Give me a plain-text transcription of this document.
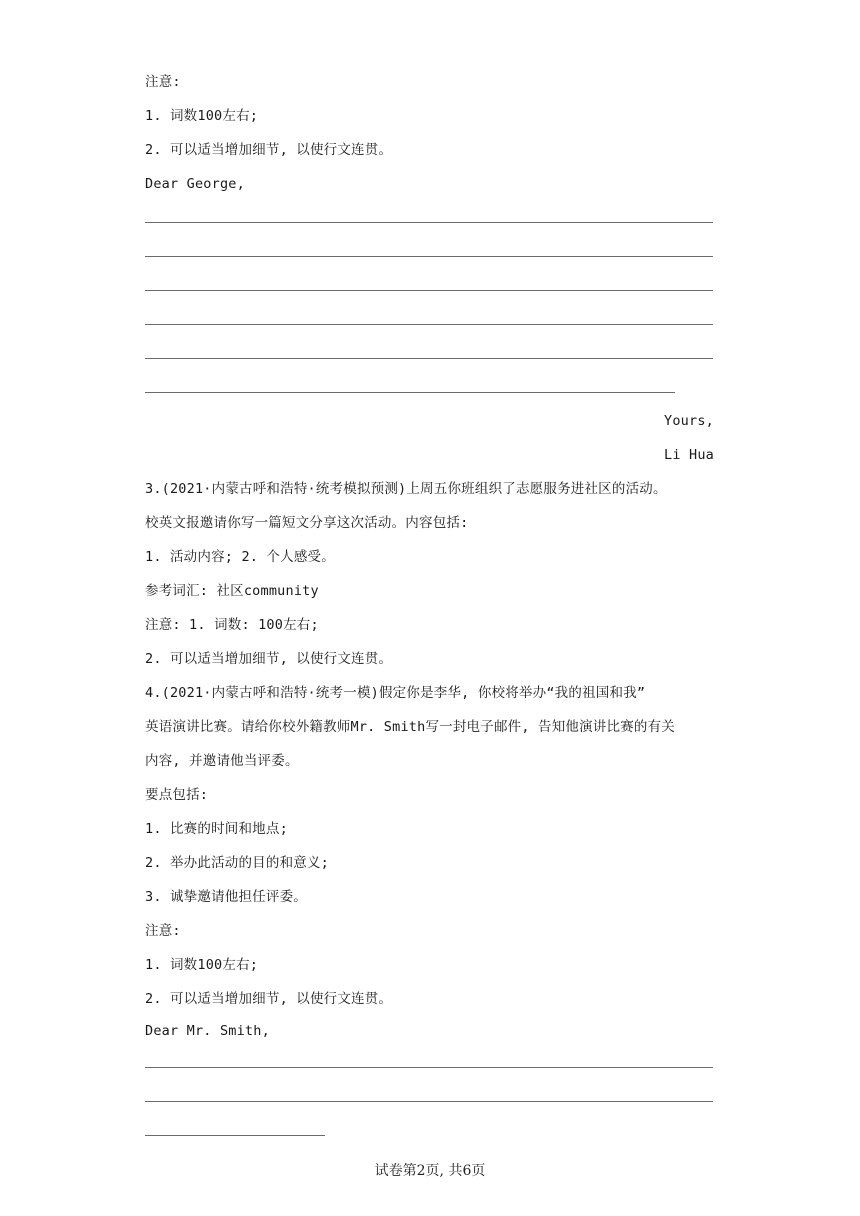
注意:
1. 词数100左右;
2. 可以适当增加细节, 以使行文连贯。
Dear George,
Yours,
Li Hua
3.(2021·内蒙古呼和浩特·统考模拟预测)上周五你班组织了志愿服务进社区的活动。
校英文报邀请你写一篇短文分享这次活动。内容包括:
1. 活动内容; 2. 个人感受。
参考词汇: 社区community
注意: 1. 词数: 100左右;
2. 可以适当增加细节, 以使行文连贯。
4.(2021·内蒙古呼和浩特·统考一模)假定你是李华, 你校将举办“我的祖国和我”
英语演讲比赛。请给你校外籍教师Mr. Smith写一封电子邮件, 告知他演讲比赛的有关
内容, 并邀请他当评委。
要点包括:
1. 比赛的时间和地点;
2. 举办此活动的目的和意义;
3. 诚挚邀请他担任评委。
注意:
1. 词数100左右;
2. 可以适当增加细节, 以使行文连贯。
Dear Mr. Smith,
试卷第2页, 共6页
